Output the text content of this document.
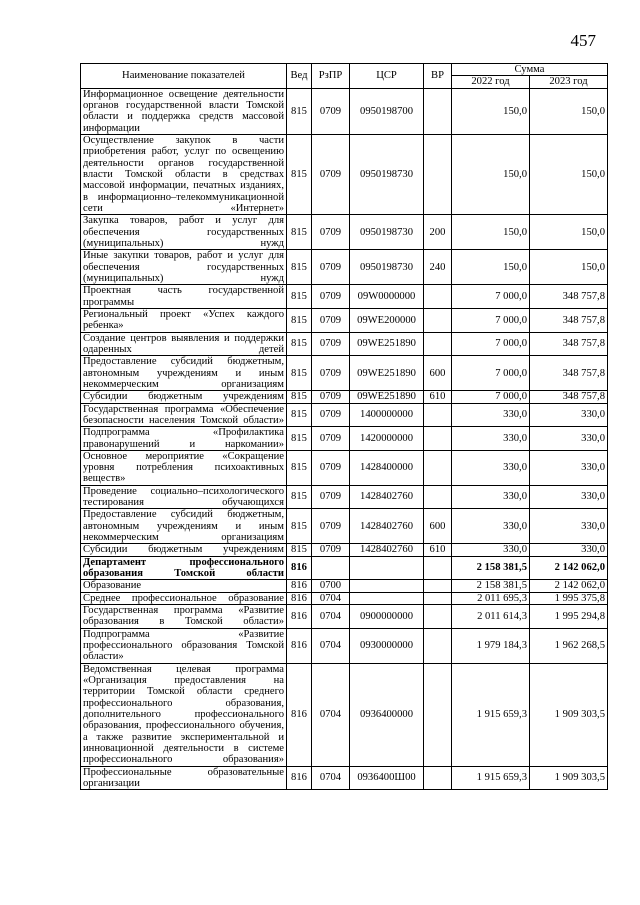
457
Наименование показателей	Вед	РзПР	ЦСР	ВР	Сумма	
					2022 год	2023 год
Информационное освещение деятельности органов государственной власти Томской области и поддержка средств массовой информации	815	0709	0950198700		150,0	150,0
Осуществление закупок в части приобретения работ, услуг по освещению деятельности органов государственной власти Томской области в средствах массовой информации, печатных изданиях, в информационно–телекоммуникационной сети «Интернет»	815	0709	0950198730		150,0	150,0
Закупка товаров, работ и услуг для обеспечения государственных (муниципальных) нужд	815	0709	0950198730	200	150,0	150,0
Иные закупки товаров, работ и услуг для обеспечения государственных (муниципальных) нужд	815	0709	0950198730	240	150,0	150,0
Проектная часть государственной программы	815	0709	09W0000000		7 000,0	348 757,8
Региональный проект «Успех каждого ребенка»	815	0709	09WE200000		7 000,0	348 757,8
Создание центров выявления и поддержки одаренных детей	815	0709	09WE251890		7 000,0	348 757,8
Предоставление субсидий бюджетным, автономным учреждениям и иным некоммерческим организациям	815	0709	09WE251890	600	7 000,0	348 757,8
Субсидии бюджетным учреждениям	815	0709	09WE251890	610	7 000,0	348 757,8
Государственная программа «Обеспечение безопасности населения Томской области»	815	0709	1400000000		330,0	330,0
Подпрограмма «Профилактика правонарушений и наркомании»	815	0709	1420000000		330,0	330,0
Основное мероприятие «Сокращение уровня потребления психоактивных веществ»	815	0709	1428400000		330,0	330,0
Проведение социально–психологического тестирования обучающихся	815	0709	1428402760		330,0	330,0
Предоставление субсидий бюджетным, автономным учреждениям и иным некоммерческим организациям	815	0709	1428402760	600	330,0	330,0
Субсидии бюджетным учреждениям	815	0709	1428402760	610	330,0	330,0
Департамент профессионального образования Томской области	816				2 158 381,5	2 142 062,0
Образование	816	0700			2 158 381,5	2 142 062,0
Среднее профессиональное образование	816	0704			2 011 695,3	1 995 375,8
Государственная программа «Развитие образования в Томской области»	816	0704	0900000000		2 011 614,3	1 995 294,8
Подпрограмма «Развитие профессионального образования Томской области»	816	0704	0930000000		1 979 184,3	1 962 268,5
Ведомственная целевая программа «Организация предоставления на территории Томской области среднего профессионального образования, дополнительного профессионального образования, профессионального обучения, а также развитие экспериментальной и инновационной деятельности в системе профессионального образования»	816	0704	0936400000		1 915 659,3	1 909 303,5
Профессиональные образовательные организации	816	0704	0936400Ш00		1 915 659,3	1 909 303,5
